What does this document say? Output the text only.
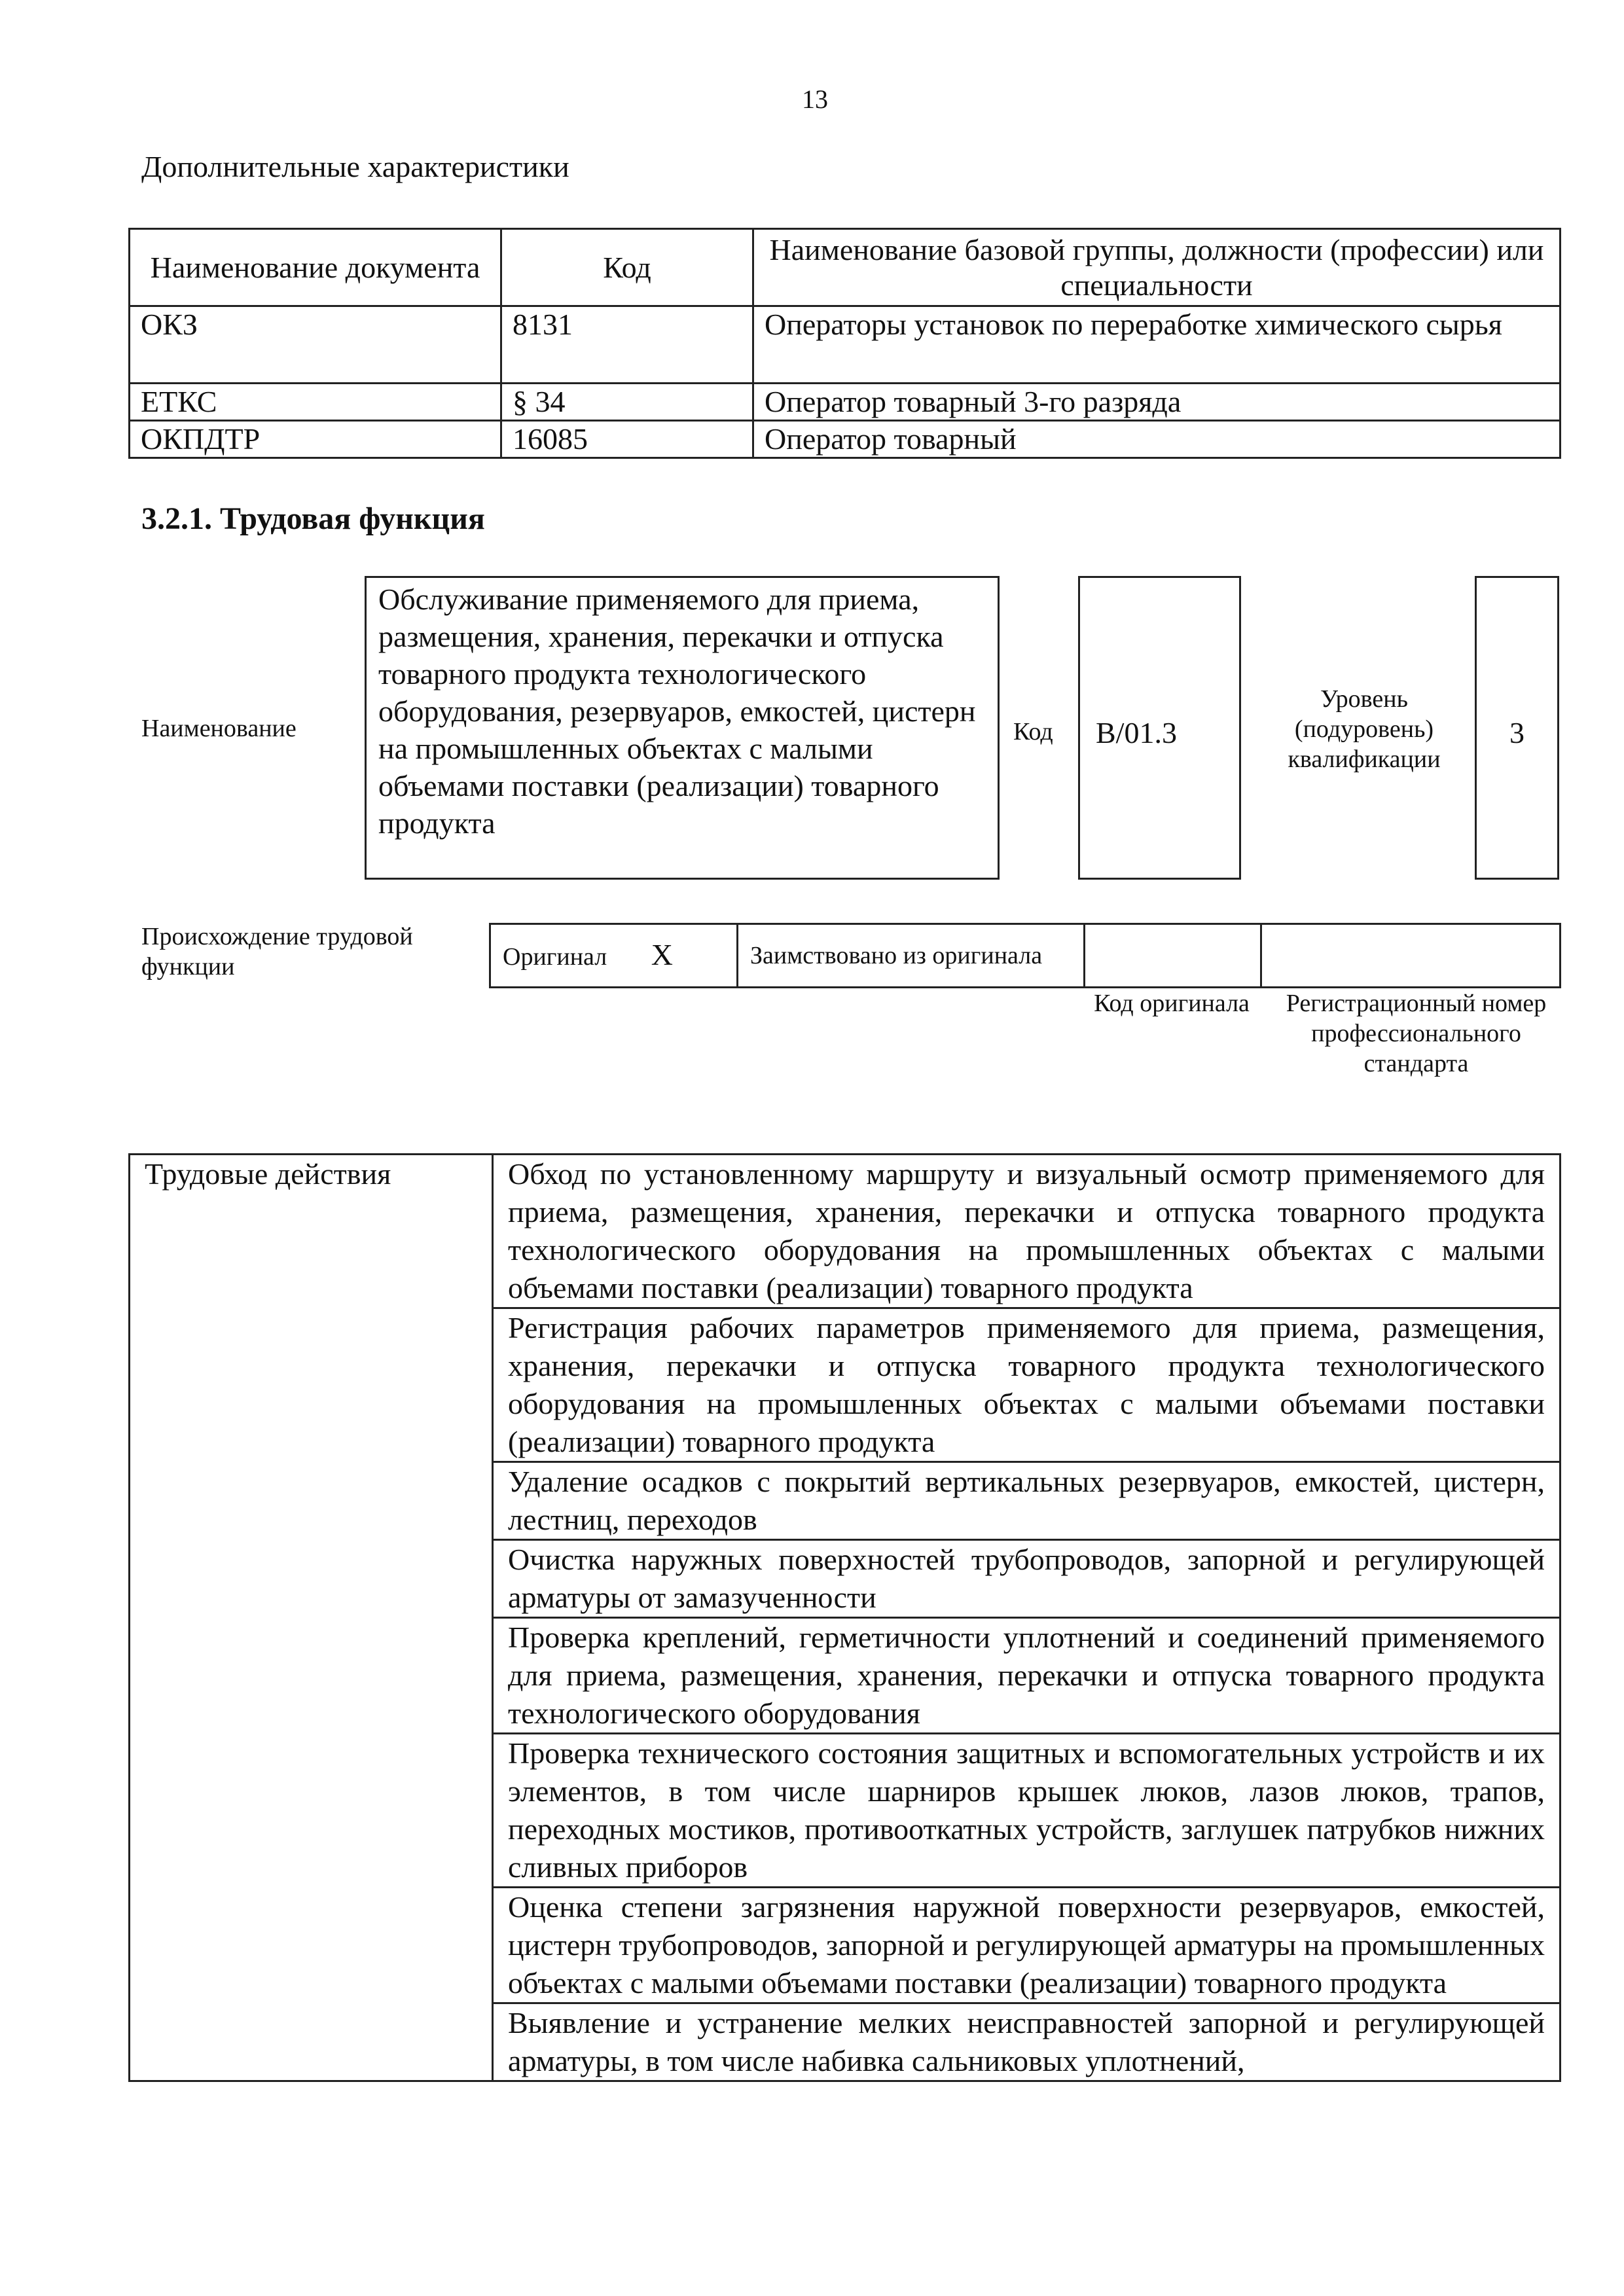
13
Дополнительные характеристики
Наименование документа	Код	Наименование базовой группы, должности (профессии) или специальности
ОКЗ	8131	Операторы установок по переработке химического сырья
ЕТКС	§ 34	Оператор товарный 3-го разряда
ОКПДТР	16085	Оператор товарный
3.2.1. Трудовая функция
Наименование
Обслуживание применяемого для приема, размещения, хранения, перекачки и отпуска товарного продукта технологического оборудования, резервуаров, емкостей, цистерн на промышленных объектах с малыми объемами поставки (реализации) товарного продукта
Код	B/01.3
Уровень (подуровень) квалификации
3
Происхождение трудовой функции	Оригинал X	Заимствовано из оригинала		
Код оригинала	Регистрационный номер профессионального стандарта
Трудовые действия	Обход по установленному маршруту и визуальный осмотр применяемого для приема, размещения, хранения, перекачки и отпуска товарного продукта технологического оборудования на промышленных объектах с малыми объемами поставки (реализации) товарного продукта
Регистрация рабочих параметров применяемого для приема, размещения, хранения, перекачки и отпуска товарного продукта технологического оборудования на промышленных объектах с малыми объемами поставки (реализации) товарного продукта
Удаление осадков с покрытий вертикальных резервуаров, емкостей, цистерн, лестниц, переходов
Очистка наружных поверхностей трубопроводов, запорной и регулирующей арматуры от замазученности
Проверка креплений, герметичности уплотнений и соединений применяемого для приема, размещения, хранения, перекачки и отпуска товарного продукта технологического оборудования
Проверка технического состояния защитных и вспомогательных устройств и их элементов, в том числе шарниров крышек люков, лазов люков, трапов, переходных мостиков, противооткатных устройств, заглушек патрубков нижних сливных приборов
Оценка степени загрязнения наружной поверхности резервуаров, емкостей, цистерн трубопроводов, запорной и регулирующей арматуры на промышленных объектах с малыми объемами поставки (реализации) товарного продукта
Выявление и устранение мелких неисправностей запорной и регулирующей арматуры, в том числе набивка сальниковых уплотнений,
